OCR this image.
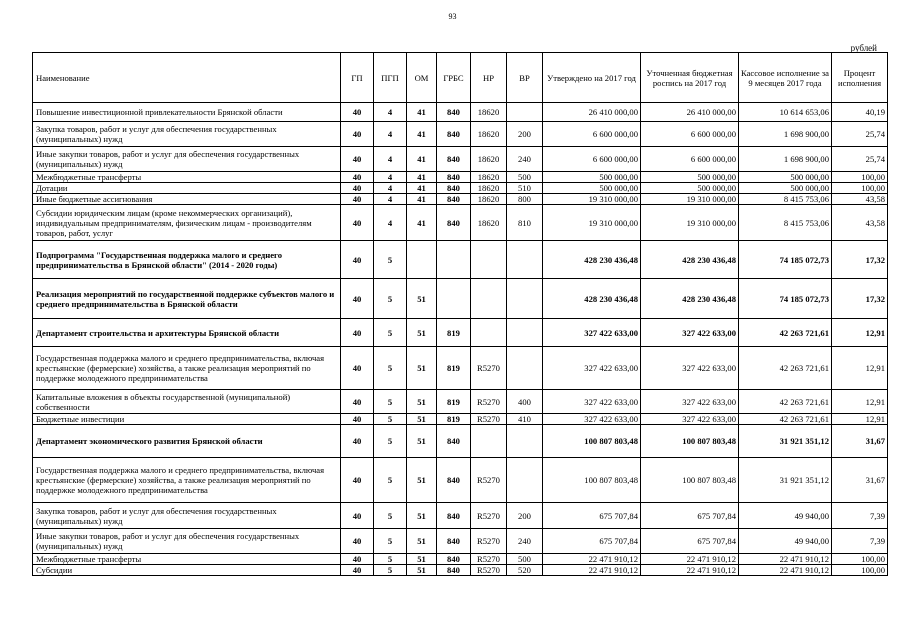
93
рублей
Наименование	ГП	ПГП	ОМ	ГРБС	НР	ВР	Утверждено на 2017 год	Уточненная бюджетная роспись на 2017 год	Кассовое исполнение за 9 месяцев 2017 года	Процент исполнения
Повышение инвестиционной привлекательности Брянской области	40	4	41	840	18620		26 410 000,00	26 410 000,00	10 614 653,06	40,19
Закупка товаров, работ и услуг для обеспечения государственных (муниципальных) нужд	40	4	41	840	18620	200	6 600 000,00	6 600 000,00	1 698 900,00	25,74
Иные закупки товаров, работ и услуг для обеспечения государственных (муниципальных) нужд	40	4	41	840	18620	240	6 600 000,00	6 600 000,00	1 698 900,00	25,74
Межбюджетные трансферты	40	4	41	840	18620	500	500 000,00	500 000,00	500 000,00	100,00
Дотации	40	4	41	840	18620	510	500 000,00	500 000,00	500 000,00	100,00
Иные бюджетные ассигнования	40	4	41	840	18620	800	19 310 000,00	19 310 000,00	8 415 753,06	43,58
Субсидии юридическим лицам (кроме некоммерческих организаций), индивидуальным предпринимателям, физическим лицам - производителям товаров, работ, услуг	40	4	41	840	18620	810	19 310 000,00	19 310 000,00	8 415 753,06	43,58
Подпрограмма "Государственная поддержка малого и среднего предпринимательства в Брянской области" (2014 - 2020 годы)	40	5					428 230 436,48	428 230 436,48	74 185 072,73	17,32
Реализация мероприятий по государственной поддержке субъектов малого и среднего предпринимательства в Брянской области	40	5	51				428 230 436,48	428 230 436,48	74 185 072,73	17,32
Департамент строительства и архитектуры Брянской области	40	5	51	819			327 422 633,00	327 422 633,00	42 263 721,61	12,91
Государственная поддержка малого и среднего предпринимательства, включая крестьянские (фермерские) хозяйства, а также реализация мероприятий по поддержке молодежного предпринимательства	40	5	51	819	R5270		327 422 633,00	327 422 633,00	42 263 721,61	12,91
Капитальные вложения в объекты государственной (муниципальной) собственности	40	5	51	819	R5270	400	327 422 633,00	327 422 633,00	42 263 721,61	12,91
Бюджетные инвестиции	40	5	51	819	R5270	410	327 422 633,00	327 422 633,00	42 263 721,61	12,91
Департамент экономического развития Брянской области	40	5	51	840			100 807 803,48	100 807 803,48	31 921 351,12	31,67
Государственная поддержка малого и среднего предпринимательства, включая крестьянские (фермерские) хозяйства, а также реализация мероприятий по поддержке молодежного предпринимательства	40	5	51	840	R5270		100 807 803,48	100 807 803,48	31 921 351,12	31,67
Закупка товаров, работ и услуг для обеспечения государственных (муниципальных) нужд	40	5	51	840	R5270	200	675 707,84	675 707,84	49 940,00	7,39
Иные закупки товаров, работ и услуг для обеспечения государственных (муниципальных) нужд	40	5	51	840	R5270	240	675 707,84	675 707,84	49 940,00	7,39
Межбюджетные трансферты	40	5	51	840	R5270	500	22 471 910,12	22 471 910,12	22 471 910,12	100,00
Субсидии	40	5	51	840	R5270	520	22 471 910,12	22 471 910,12	22 471 910,12	100,00
